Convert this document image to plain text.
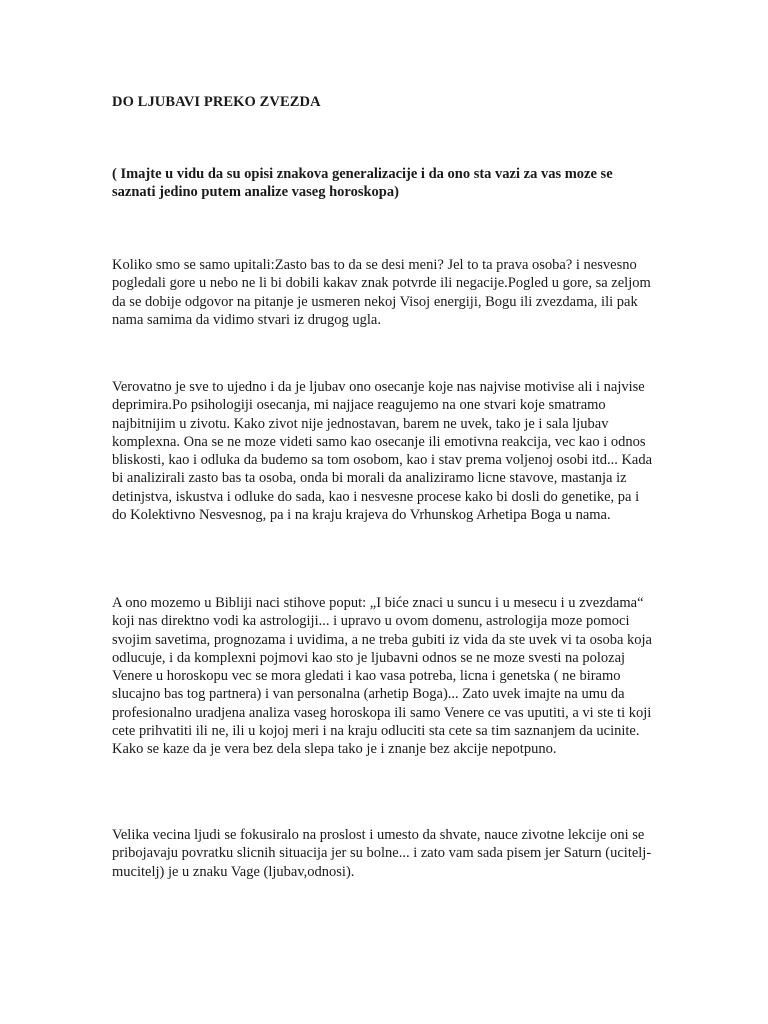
DO LJUBAVI PREKO ZVEZDA

( Imajte u vidu da su opisi znakova generalizacije i da ono sta vazi za vas moze se saznati jedino putem analize vaseg horoskopa)

Koliko smo se samo upitali:Zasto bas to da se desi meni? Jel to ta prava osoba? i nesvesno pogledali gore u nebo ne li bi dobili kakav znak potvrde ili negacije.Pogled u gore, sa zeljom da se dobije odgovor na pitanje je usmeren nekoj Visoj energiji, Bogu ili zvezdama, ili pak nama samima da vidimo stvari iz drugog ugla.

Verovatno je sve to ujedno i da je ljubav ono osecanje koje nas najvise motivise ali i najvise deprimira.Po psihologiji osecanja, mi najjace reagujemo na one stvari koje smatramo najbitnijim u zivotu. Kako zivot nije jednostavan, barem ne uvek, tako je i sala ljubav komplexna. Ona se ne moze videti samo kao osecanje ili emotivna reakcija, vec kao i odnos bliskosti, kao i odluka da budemo sa tom osobom, kao i stav prema voljenoj osobi itd... Kada bi analizirali zasto bas ta osoba, onda bi morali da analiziramo licne stavove, mastanja iz detinjstva, iskustva i odluke do sada, kao i nesvesne procese kako bi dosli do genetike, pa i do Kolektivno Nesvesnog, pa i na kraju krajeva do Vrhunskog Arhetipa Boga u nama.

A ono mozemo u Bibliji naci stihove poput: „I biće znaci u suncu i u mesecu i u zvezdama“ koji nas direktno vodi ka astrologiji... i upravo u ovom domenu, astrologija moze pomoci svojim savetima, prognozama i uvidima, a ne treba gubiti iz vida da ste uvek vi ta osoba koja odlucuje, i da komplexni pojmovi kao sto je ljubavni odnos se ne moze svesti na polozaj Venere u horoskopu vec se mora gledati i kao vasa potreba, licna i genetska ( ne biramo slucajno bas tog partnera) i van personalna (arhetip Boga)... Zato uvek imajte na umu da profesionalno uradjena analiza vaseg horoskopa ili samo Venere ce vas uputiti, a vi ste ti koji cete prihvatiti ili ne, ili u kojoj meri i na kraju odluciti sta cete sa tim saznanjem da ucinite. Kako se kaze da je vera bez dela slepa tako je i znanje bez akcije nepotpuno.

Velika vecina ljudi se fokusiralo na proslost i umesto da shvate, nauce zivotne lekcije oni se pribojavaju povratku slicnih situacija jer su bolne... i zato vam sada pisem jer Saturn (ucitelj-mucitelj) je u znaku Vage (ljubav,odnosi).
